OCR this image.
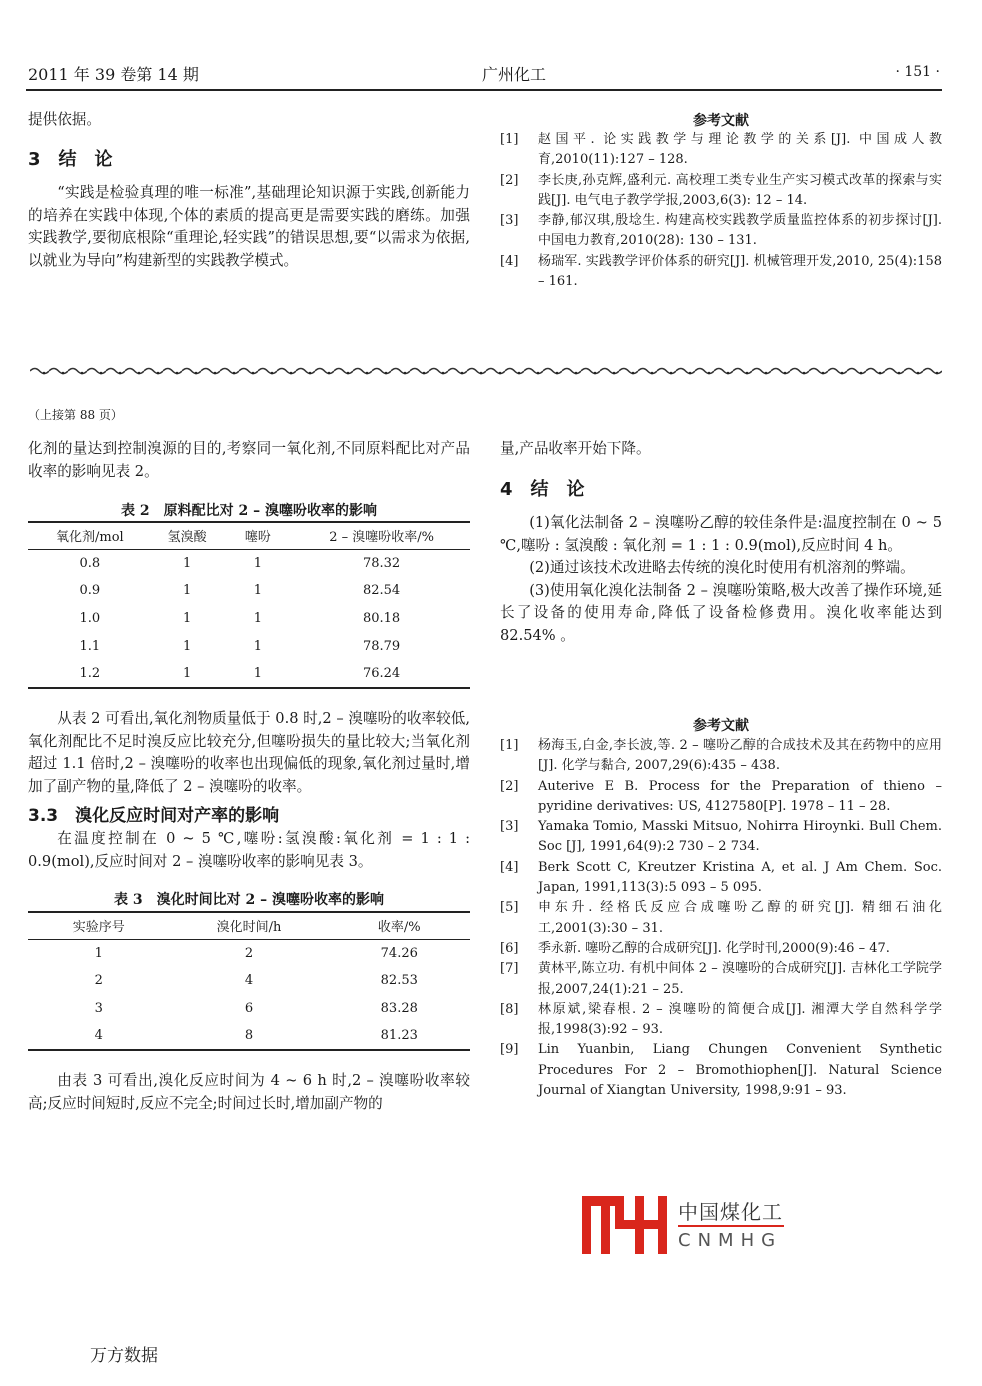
2011 年 39 卷第 14 期	广州化工	· 151 ·
提供依据。
3　结　论
“实践是检验真理的唯一标准”,基础理论知识源于实践,创新能力的培养在实践中体现,个体的素质的提高更是需要实践的磨练。加强实践教学,要彻底根除“重理论,轻实践”的错误思想,要“以需求为依据,以就业为导向”构建新型的实践教学模式。
参考文献
[1]	赵国平. 论实践教学与理论教学的关系[J]. 中国成人教育,2010(11):127 – 128.
[2]	李长庚,孙克辉,盛利元. 高校理工类专业生产实习模式改革的探索与实践[J]. 电气电子教学学报,2003,6(3): 12 – 14.
[3]	李静,郁汉琪,殷埝生. 构建高校实践教学质量监控体系的初步探讨[J]. 中国电力教育,2010(28): 130 – 131.
[4]	杨瑞军. 实践教学评价体系的研究[J]. 机械管理开发,2010, 25(4):158 – 161.
（上接第 88 页）
化剂的量达到控制溴源的目的,考察同一氧化剂,不同原料配比对产品收率的影响见表 2。
表 2　原料配比对 2 – 溴噻吩收率的影响
氧化剂/mol	氢溴酸	噻吩	2 – 溴噻吩收率/%
0.8	1	1	78.32
0.9	1	1	82.54
1.0	1	1	80.18
1.1	1	1	78.79
1.2	1	1	76.24
从表 2 可看出,氧化剂物质量低于 0.8 时,2 – 溴噻吩的收率较低,氧化剂配比不足时溴反应比较充分,但噻吩损失的量比较大;当氧化剂超过 1.1 倍时,2 – 溴噻吩的收率也出现偏低的现象,氧化剂过量时,增加了副产物的量,降低了 2 – 溴噻吩的收率。
3.3　溴化反应时间对产率的影响
在温度控制在 0 ~ 5 ℃,噻吩:氢溴酸:氧化剂 = 1 : 1 : 0.9(mol),反应时间对 2 – 溴噻吩收率的影响见表 3。
表 3　溴化时间比对 2 – 溴噻吩收率的影响
实验序号	溴化时间/h	收率/%
1	2	74.26
2	4	82.53
3	6	83.28
4	8	81.23
由表 3 可看出,溴化反应时间为 4 ~ 6 h 时,2 – 溴噻吩收率较高;反应时间短时,反应不完全;时间过长时,增加副产物的
量,产品收率开始下降。
4　结　论
(1)氧化法制备 2 – 溴噻吩乙醇的较佳条件是:温度控制在 0 ~ 5 ℃,噻吩 : 氢溴酸 : 氧化剂 = 1 : 1 : 0.9(mol),反应时间 4 h。
(2)通过该技术改进略去传统的溴化时使用有机溶剂的弊端。
(3)使用氧化溴化法制备 2 – 溴噻吩策略,极大改善了操作环境,延长了设备的使用寿命,降低了设备检修费用。溴化收率能达到 82.54% 。
参考文献
[1]	杨海玉,白金,李长波,等. 2 – 噻吩乙醇的合成技术及其在药物中的应用[J]. 化学与黏合, 2007,29(6):435 – 438.
[2]	Auterive E B. Process for the Preparation of thieno – pyridine derivatives: US, 4127580[P]. 1978 – 11 – 28.
[3]	Yamaka Tomio, Masski Mitsuo, Nohirra Hiroynki. Bull Chem. Soc [J], 1991,64(9):2 730 – 2 734.
[4]	Berk Scott C, Kreutzer Kristina A, et al. J Am Chem. Soc. Japan, 1991,113(3):5 093 – 5 095.
[5]	申东升. 经格氏反应合成噻吩乙醇的研究[J]. 精细石油化工,2001(3):30 – 31.
[6]	季永新. 噻吩乙醇的合成研究[J]. 化学时刊,2000(9):46 – 47.
[7]	黄林平,陈立功. 有机中间体 2 – 溴噻吩的合成研究[J]. 吉林化工学院学报,2007,24(1):21 – 25.
[8]	林原斌,梁春根. 2 – 溴噻吩的简便合成[J]. 湘潭大学自然科学学报,1998(3):92 – 93.
[9]	Lin Yuanbin, Liang Chungen Convenient Synthetic Procedures For 2 – Bromothiophen[J]. Natural Science Journal of Xiangtan University, 1998,9:91 – 93.
中国煤化工
CNMHG
万方数据
